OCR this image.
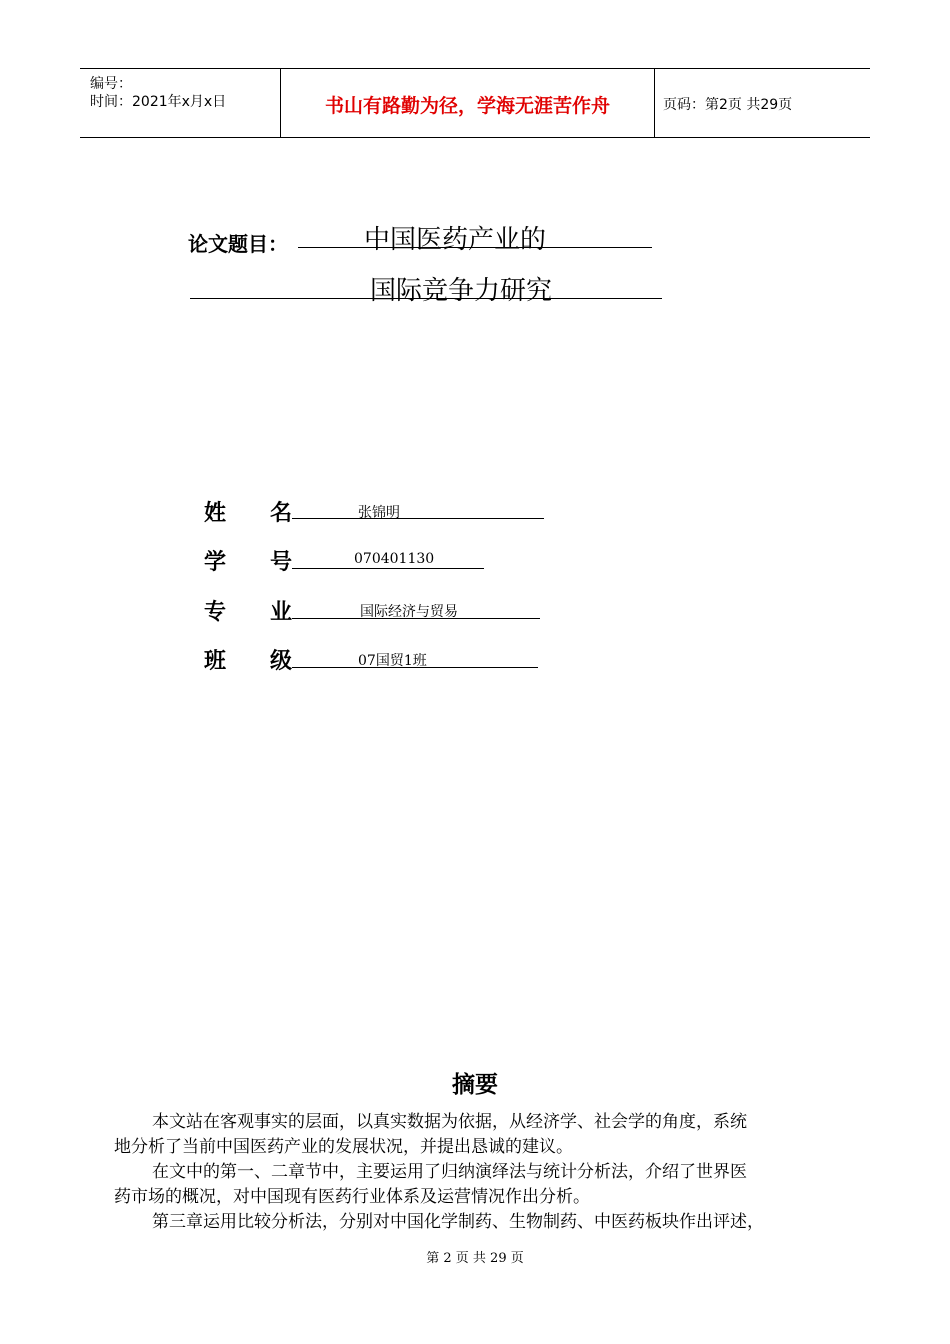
编号：
时间：2021年x月x日	书山有路勤为径，学海无涯苦作舟	页码：第2页 共29页
论文题目：	中国医药产业的
国际竞争力研究
姓 名	张锦明
学 号	070401130
专 业	国际经济与贸易
班 级	07国贸1班
摘要
本文站在客观事实的层面，以真实数据为依据，从经济学、社会学的角度，系统
地分析了当前中国医药产业的发展状况，并提出恳诚的建议。
在文中的第一、二章节中，主要运用了归纳演绎法与统计分析法，介绍了世界医
药市场的概况，对中国现有医药行业体系及运营情况作出分析。
第三章运用比较分析法，分别对中国化学制药、生物制药、中医药板块作出评述，
第 2 页 共 29 页
